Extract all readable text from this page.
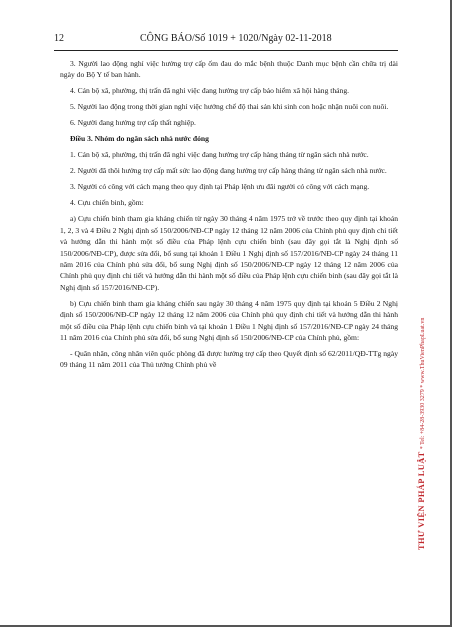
12	CÔNG BÁO/Số 1019 + 1020/Ngày 02-11-2018

3. Người lao động nghỉ việc hưởng trợ cấp ốm đau do mắc bệnh thuộc Danh mục bệnh cần chữa trị dài ngày do Bộ Y tế ban hành.

4. Cán bộ xã, phường, thị trấn đã nghỉ việc đang hưởng trợ cấp bảo hiểm xã hội hàng tháng.

5. Người lao động trong thời gian nghỉ việc hưởng chế độ thai sản khi sinh con hoặc nhận nuôi con nuôi.

6. Người đang hưởng trợ cấp thất nghiệp.

Điều 3. Nhóm do ngân sách nhà nước đóng

1. Cán bộ xã, phường, thị trấn đã nghỉ việc đang hưởng trợ cấp hàng tháng từ ngân sách nhà nước.

2. Người đã thôi hưởng trợ cấp mất sức lao động đang hưởng trợ cấp hàng tháng từ ngân sách nhà nước.

3. Người có công với cách mạng theo quy định tại Pháp lệnh ưu đãi người có công với cách mạng.

4. Cựu chiến binh, gồm:

a) Cựu chiến binh tham gia kháng chiến từ ngày 30 tháng 4 năm 1975 trở về trước theo quy định tại khoản 1, 2, 3 và 4 Điều 2 Nghị định số 150/2006/NĐ-CP ngày 12 tháng 12 năm 2006 của Chính phủ quy định chi tiết và hướng dẫn thi hành một số điều của Pháp lệnh cựu chiến binh (sau đây gọi tắt là Nghị định số 150/2006/NĐ-CP), được sửa đổi, bổ sung tại khoản 1 Điều 1 Nghị định số 157/2016/NĐ-CP ngày 24 tháng 11 năm 2016 của Chính phủ sửa đổi, bổ sung Nghị định số 150/2006/NĐ-CP ngày 12 tháng 12 năm 2006 của Chính phủ quy định chi tiết và hướng dẫn thi hành một số điều của Pháp lệnh cựu chiến binh (sau đây gọi tắt là Nghị định số 157/2016/NĐ-CP).

b) Cựu chiến binh tham gia kháng chiến sau ngày 30 tháng 4 năm 1975 quy định tại khoản 5 Điều 2 Nghị định số 150/2006/NĐ-CP ngày 12 tháng 12 năm 2006 của Chính phủ quy định chi tiết và hướng dẫn thi hành một số điều của Pháp lệnh cựu chiến binh và tại khoản 1 Điều 1 Nghị định số 157/2016/NĐ-CP ngày 24 tháng 11 năm 2016 của Chính phủ sửa đổi, bổ sung Nghị định số 150/2006/NĐ-CP của Chính phủ, gồm:

- Quân nhân, công nhân viên quốc phòng đã được hưởng trợ cấp theo Quyết định số 62/2011/QĐ-TTg ngày 09 tháng 11 năm 2011 của Thủ tướng Chính phủ về

THƯ VIỆN PHÁP LUẬT * Tel: +84-28-3930 3279 * www.ThuVienPhapLuat.vn
